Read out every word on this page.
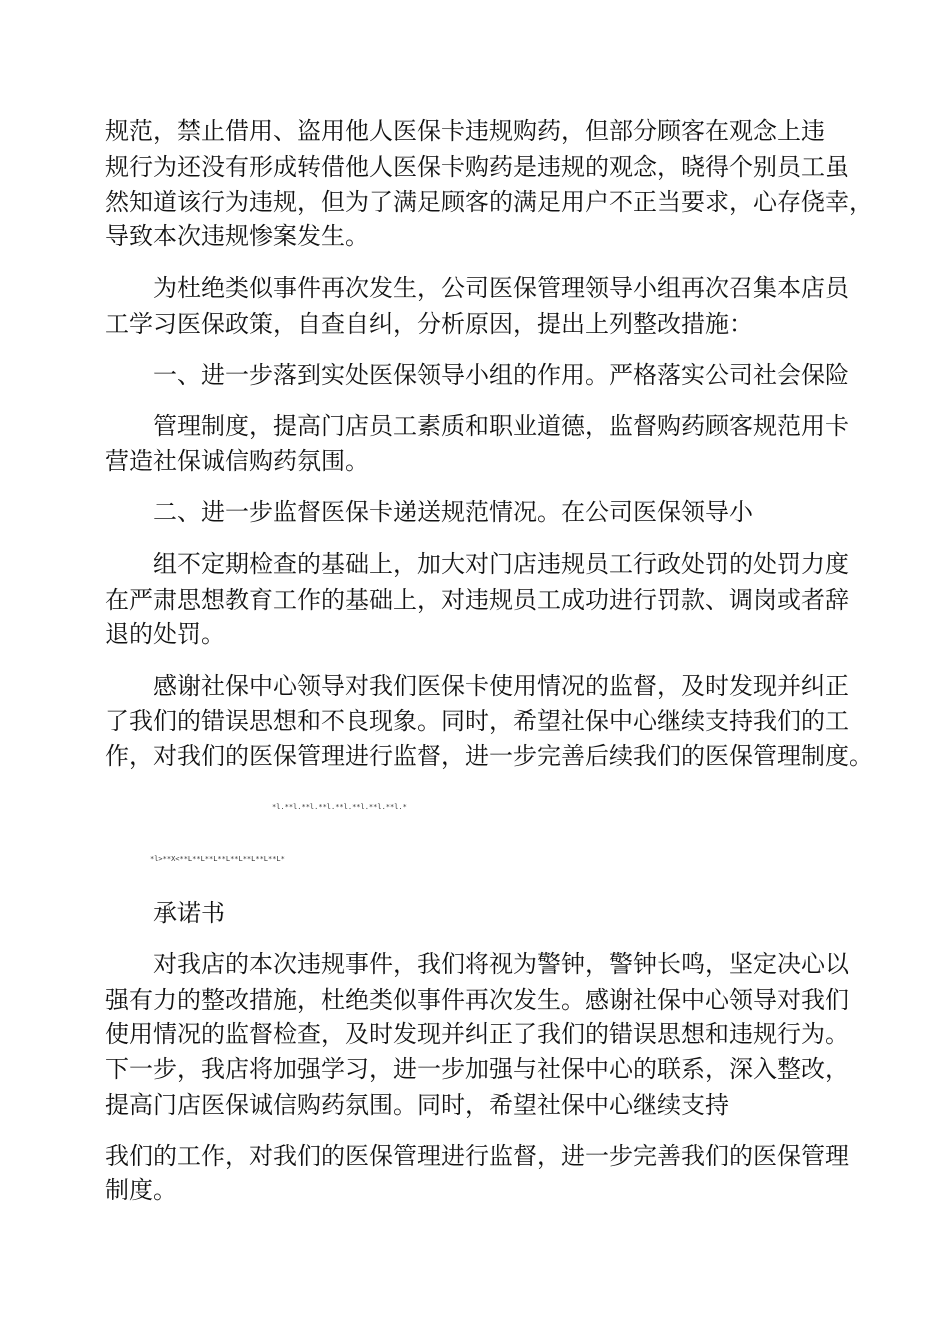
规范，禁止借用、盗用他人医保卡违规购药，但部分顾客在观念上违

规行为还没有形成转借他人医保卡购药是违规的观念，晓得个别员工虽

然知道该行为违规，但为了满足顾客的满足用户不正当要求，心存侥幸，

导致本次违规惨案发生。

为杜绝类似事件再次发生，公司医保管理领导小组再次召集本店员

工学习医保政策，自查自纠，分析原因，提出上列整改措施：

一、进一步落到实处医保领导小组的作用。严格落实公司社会保险

管理制度，提高门店员工素质和职业道德，监督购药顾客规范用卡

营造社保诚信购药氛围。

二、进一步监督医保卡递送规范情况。在公司医保领导小

组不定期检查的基础上，加大对门店违规员工行政处罚的处罚力度

在严肃思想教育工作的基础上，对违规员工成功进行罚款、调岗或者辞

退的处罚。

感谢社保中心领导对我们医保卡使用情况的监督，及时发现并纠正

了我们的错误思想和不良现象。同时，希望社保中心继续支持我们的工

作，对我们的医保管理进行监督，进一步完善后续我们的医保管理制度。

*l.**l.**l.**l.**l.**l.**l.**l.*

*l>**X<**L**L**L**L**L**L**L**L*

承诺书

对我店的本次违规事件，我们将视为警钟，警钟长鸣，坚定决心以

强有力的整改措施，杜绝类似事件再次发生。感谢社保中心领导对我们

使用情况的监督检查，及时发现并纠正了我们的错误思想和违规行为。

下一步，我店将加强学习，进一步加强与社保中心的联系，深入整改，

提高门店医保诚信购药氛围。同时，希望社保中心继续支持

我们的工作，对我们的医保管理进行监督，进一步完善我们的医保管理

制度。
